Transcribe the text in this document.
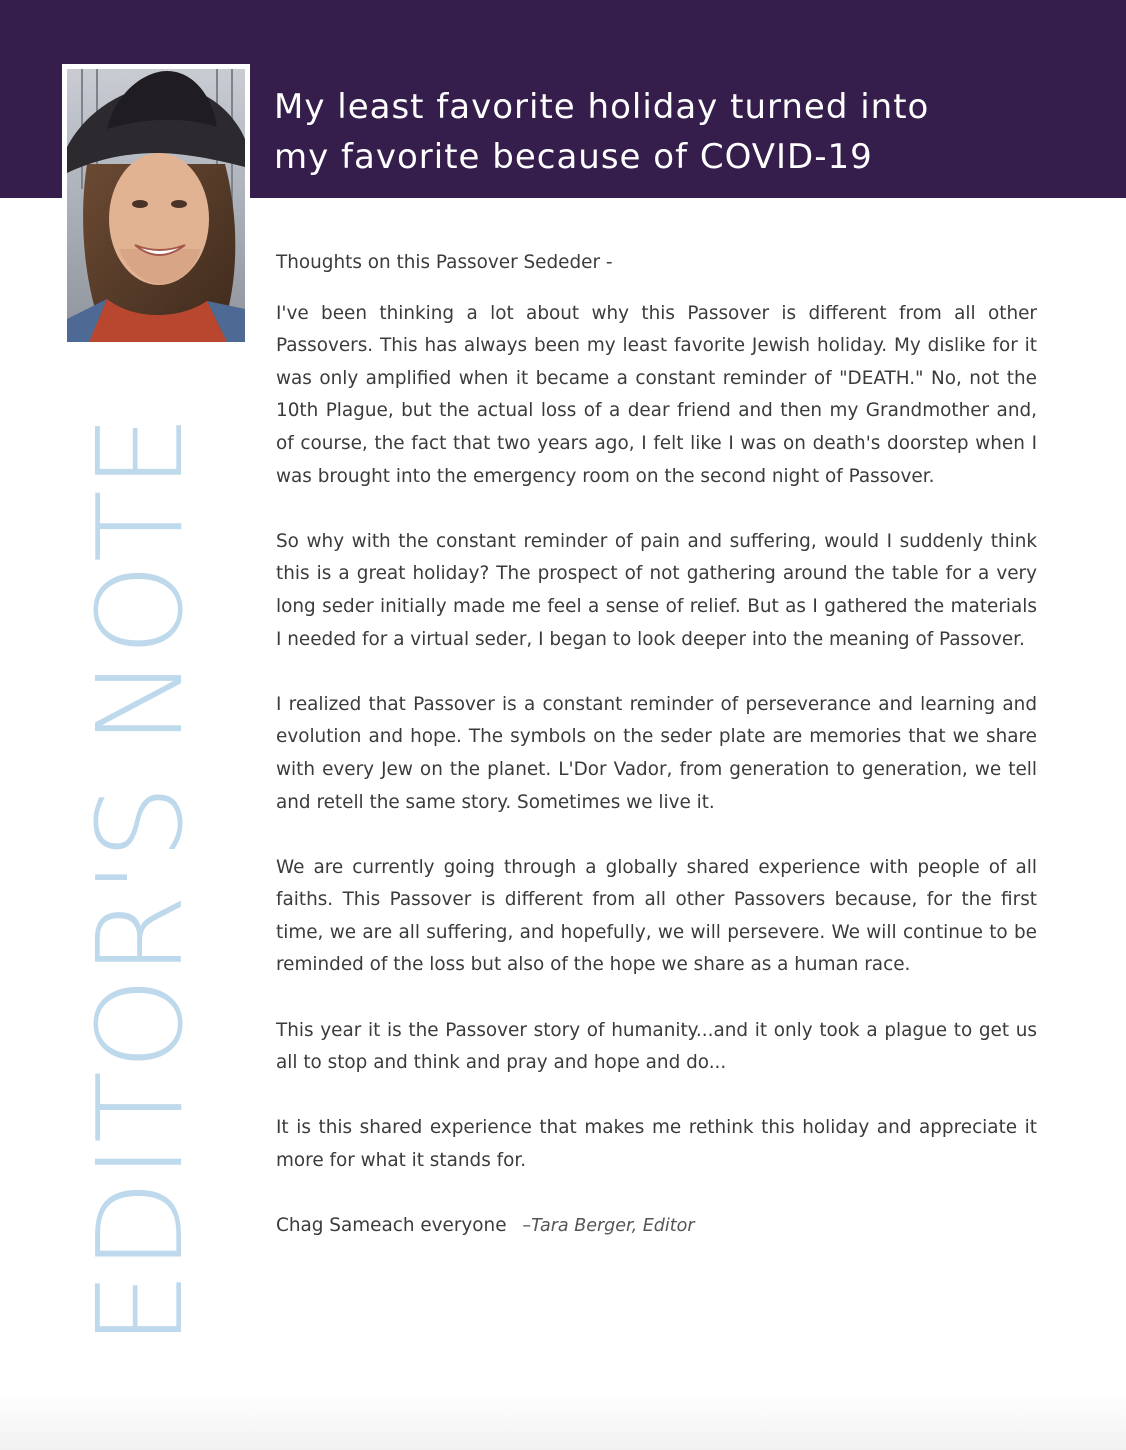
My least favorite holiday turned into
my favorite because of COVID-19
EDITOR'S NOTE

Thoughts on this Passover Sededer -

I've been thinking a lot about why this Passover is different from all other Passovers. This has always been my least favorite Jewish holiday. My dislike for it was only amplified when it became a constant reminder of "DEATH." No, not the 10th Plague, but the actual loss of a dear friend and then my Grandmother and, of course, the fact that two years ago, I felt like I was on death's doorstep when I was brought into the emergency room on the second night of Passover.

So why with the constant reminder of pain and suffering, would I suddenly think this is a great holiday? The prospect of not gathering around the table for a very long seder initially made me feel a sense of relief. But as I gathered the materials I needed for a virtual seder, I began to look deeper into the meaning of Passover.

I realized that Passover is a constant reminder of perseverance and learning and evolution and hope. The symbols on the seder plate are memories that we share with every Jew on the planet. L'Dor Vador, from generation to generation, we tell and retell the same story. Sometimes we live it.

We are currently going through a globally shared experience with people of all faiths. This Passover is different from all other Passovers because, for the first time, we are all suffering, and hopefully, we will persevere. We will continue to be reminded of the loss but also of the hope we share as a human race.

This year it is the Passover story of humanity...and it only took a plague to get us all to stop and think and pray and hope and do...

It is this shared experience that makes me rethink this holiday and appreciate it more for what it stands for.

Chag Sameach everyone –Tara Berger, Editor
